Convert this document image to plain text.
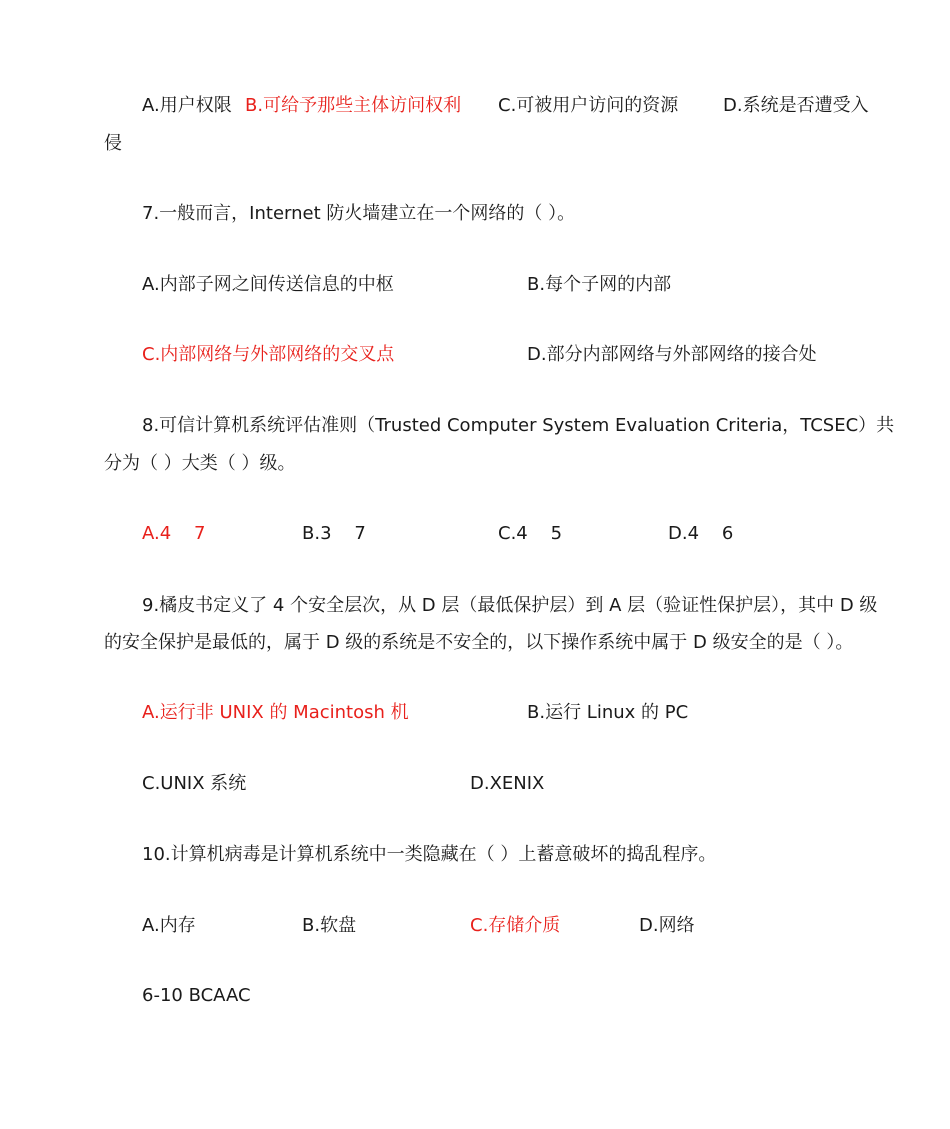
A.用户权限 B.可给予那些主体访问权利 C.可被用户访问的资源 D.系统是否遭受入
侵
7.一般而言，Internet 防火墙建立在一个网络的（ ）。
A.内部子网之间传送信息的中枢	B.每个子网的内部
C.内部网络与外部网络的交叉点	D.部分内部网络与外部网络的接合处
8.可信计算机系统评估准则（Trusted Computer System Evaluation Criteria，TCSEC）共
分为（ ）大类（ ）级。
A.4    7	B.3    7	C.4    5	D.4    6
9.橘皮书定义了 4 个安全层次，从 D 层（最低保护层）到 A 层（验证性保护层），其中 D 级
的安全保护是最低的，属于 D 级的系统是不安全的，以下操作系统中属于 D 级安全的是（ ）。
A.运行非 UNIX 的 Macintosh 机	B.运行 Linux 的 PC
C.UNIX 系统	D.XENIX
10.计算机病毒是计算机系统中一类隐藏在（ ）上蓄意破坏的捣乱程序。
A.内存	B.软盘	C.存储介质	D.网络
6-10 BCAAC
